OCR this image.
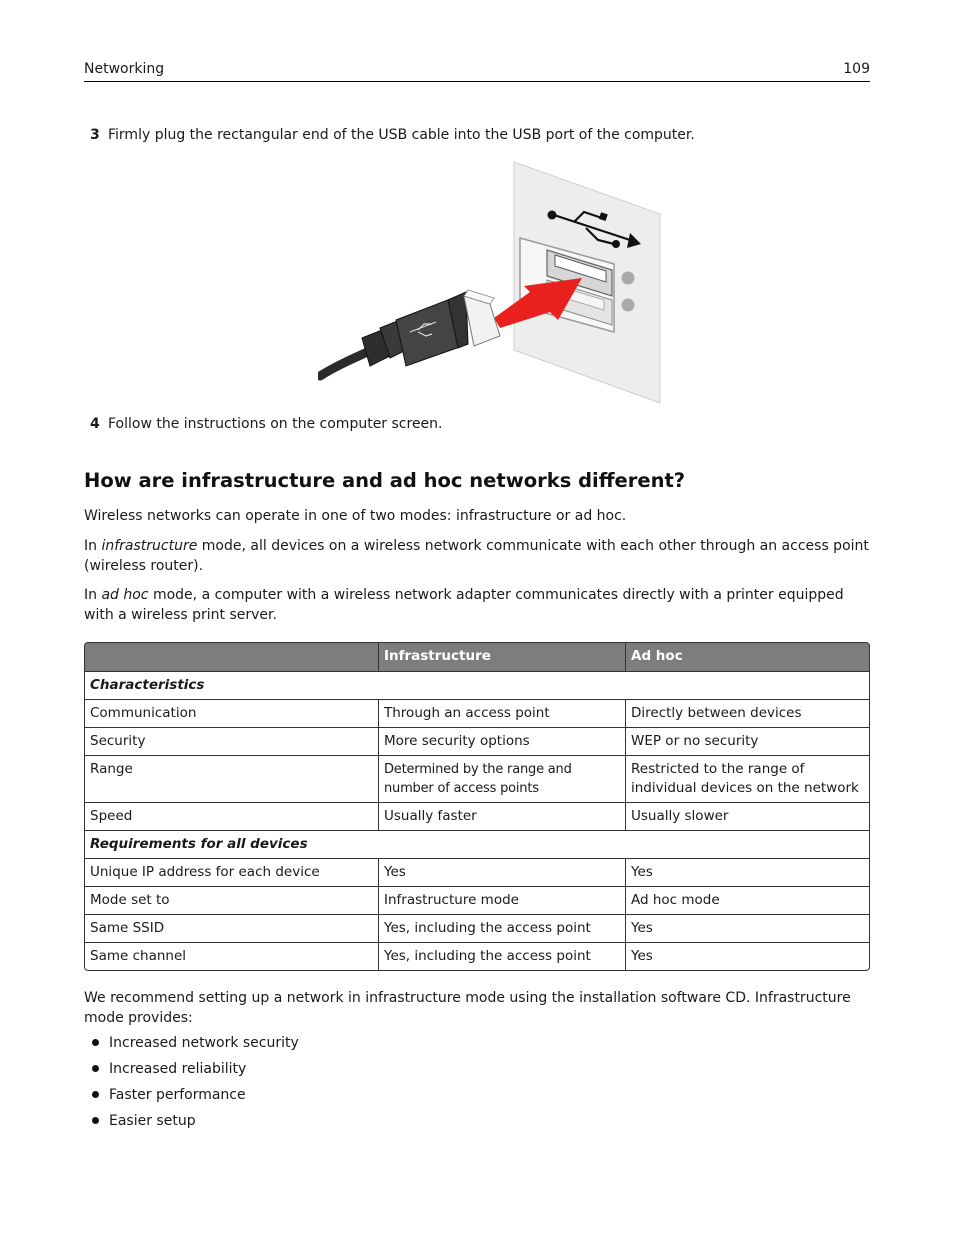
Networking	109
3 Firmly plug the rectangular end of the USB cable into the USB port of the computer.
4 Follow the instructions on the computer screen.
How are infrastructure and ad hoc networks different?
Wireless networks can operate in one of two modes: infrastructure or ad hoc.
In infrastructure mode, all devices on a wireless network communicate with each other through an access point (wireless router).
In ad hoc mode, a computer with a wireless network adapter communicates directly with a printer equipped with a wireless print server.
	Infrastructure	Ad hoc
Characteristics		
Communication	Through an access point	Directly between devices
Security	More security options	WEP or no security
Range	Determined by the range and number of access points	Restricted to the range of individual devices on the network
Speed	Usually faster	Usually slower
Requirements for all devices		
Unique IP address for each device	Yes	Yes
Mode set to	Infrastructure mode	Ad hoc mode
Same SSID	Yes, including the access point	Yes
Same channel	Yes, including the access point	Yes
We recommend setting up a network in infrastructure mode using the installation software CD. Infrastructure mode provides:
Increased network security
Increased reliability
Faster performance
Easier setup
